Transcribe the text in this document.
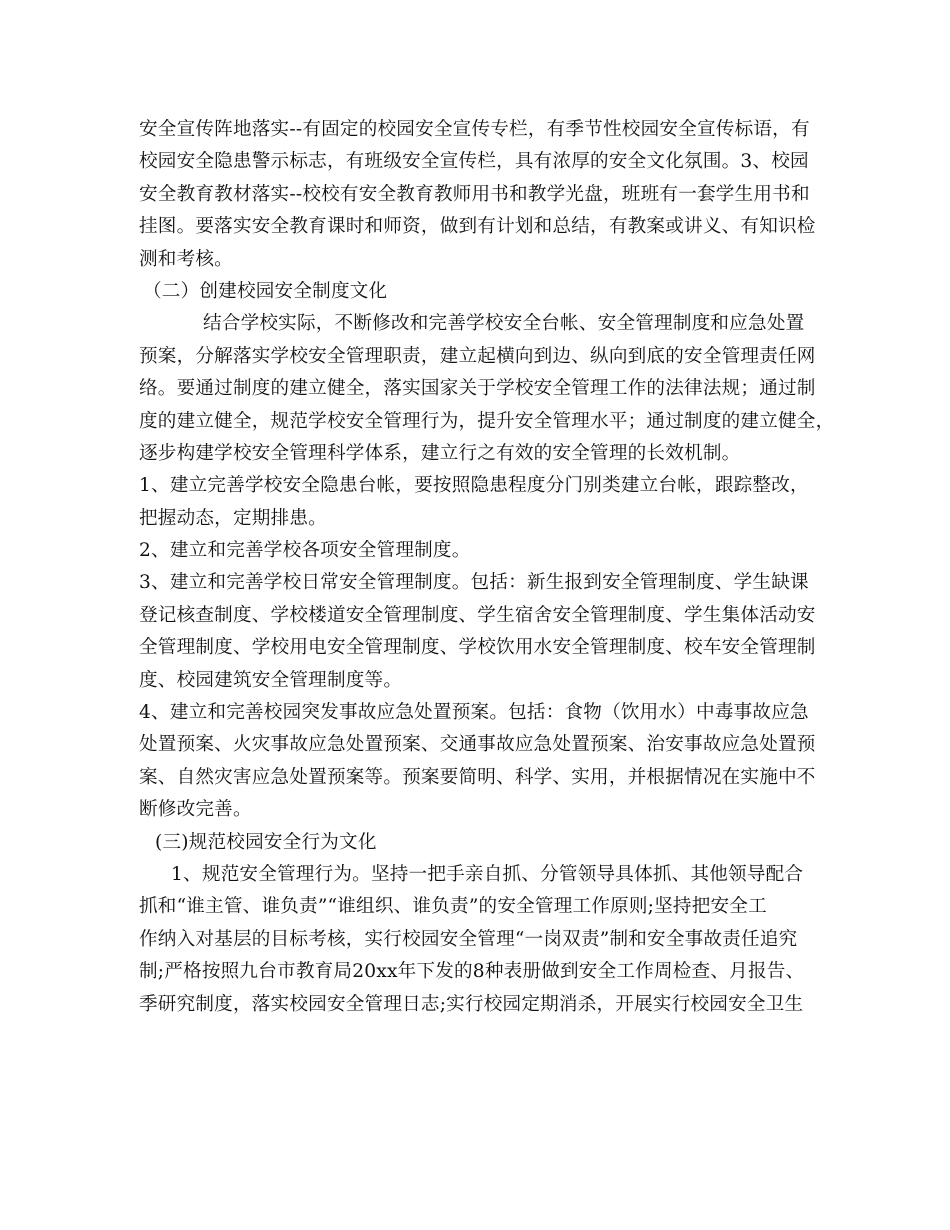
安全宣传阵地落实--有固定的校园安全宣传专栏，有季节性校园安全宣传标语，有
校园安全隐患警示标志，有班级安全宣传栏，具有浓厚的安全文化氛围。3、校园
安全教育教材落实--校校有安全教育教师用书和教学光盘，班班有一套学生用书和
挂图。要落实安全教育课时和师资，做到有计划和总结，有教案或讲义、有知识检
测和考核。
（二）创建校园安全制度文化
结合学校实际，不断修改和完善学校安全台帐、安全管理制度和应急处置
预案，分解落实学校安全管理职责，建立起横向到边、纵向到底的安全管理责任网
络。要通过制度的建立健全，落实国家关于学校安全管理工作的法律法规；通过制
度的建立健全，规范学校安全管理行为，提升安全管理水平；通过制度的建立健全，
逐步构建学校安全管理科学体系，建立行之有效的安全管理的长效机制。
1、建立完善学校安全隐患台帐，要按照隐患程度分门别类建立台帐，跟踪整改，
把握动态，定期排患。
2、建立和完善学校各项安全管理制度。
3、建立和完善学校日常安全管理制度。包括：新生报到安全管理制度、学生缺课
登记核查制度、学校楼道安全管理制度、学生宿舍安全管理制度、学生集体活动安
全管理制度、学校用电安全管理制度、学校饮用水安全管理制度、校车安全管理制
度、校园建筑安全管理制度等。
4、建立和完善校园突发事故应急处置预案。包括：食物（饮用水）中毒事故应急
处置预案、火灾事故应急处置预案、交通事故应急处置预案、治安事故应急处置预
案、自然灾害应急处置预案等。预案要简明、科学、实用，并根据情况在实施中不
断修改完善。
(三)规范校园安全行为文化
1、规范安全管理行为。坚持一把手亲自抓、分管领导具体抓、其他领导配合
抓和“谁主管、谁负责”“谁组织、谁负责”的安全管理工作原则;坚持把安全工
作纳入对基层的目标考核，实行校园安全管理“一岗双责”制和安全事故责任追究
制;严格按照九台市教育局20xx年下发的8种表册做到安全工作周检查、月报告、
季研究制度，落实校园安全管理日志;实行校园定期消杀，开展实行校园安全卫生
